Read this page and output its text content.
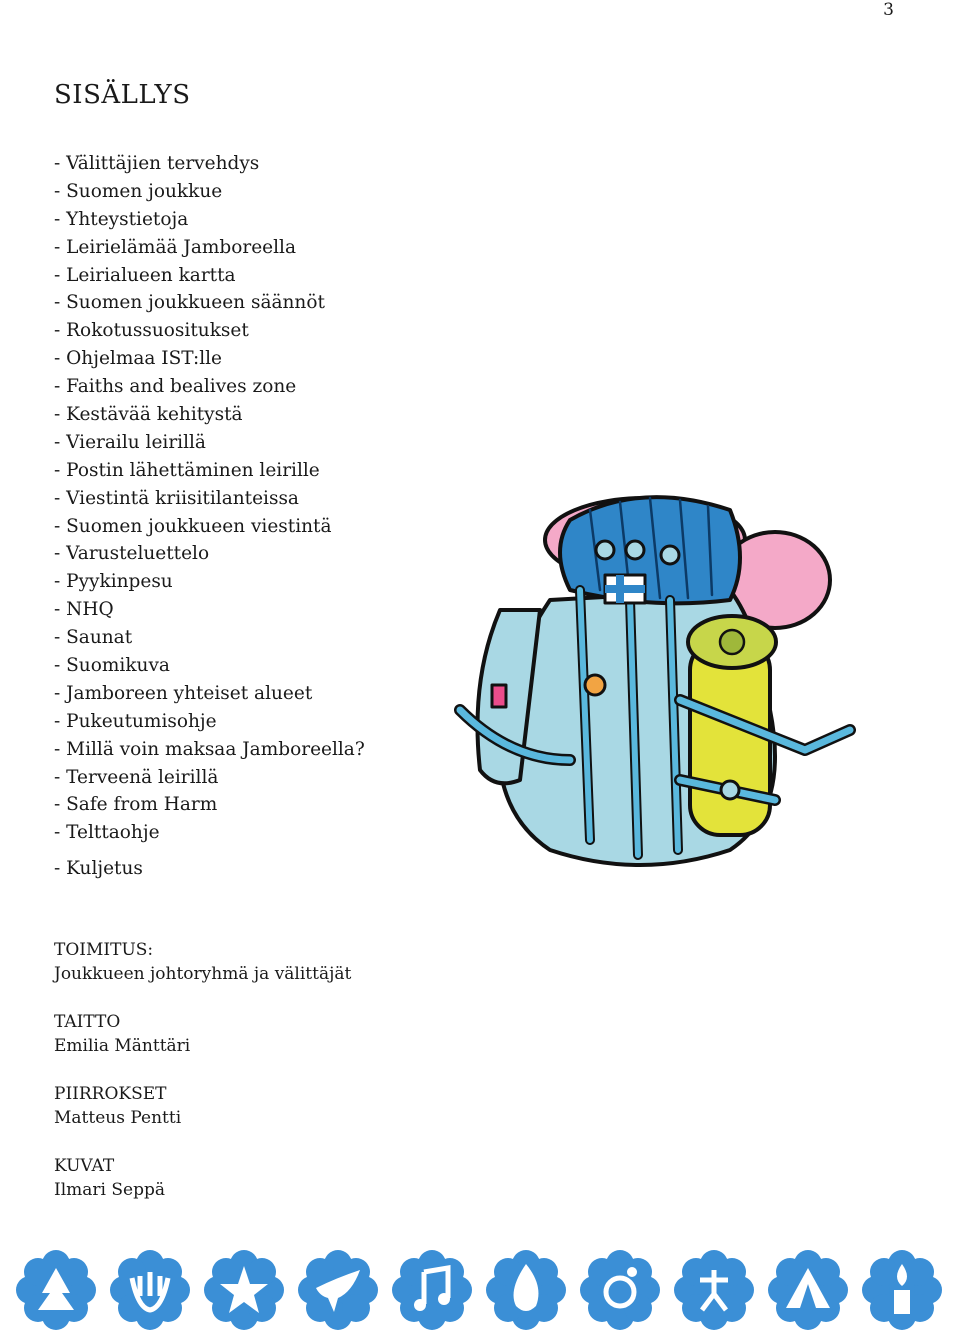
3
SISÄLLYS
- Välittäjien tervehdys
- Suomen joukkue
- Yhteystietoja
- Leirielämää Jamboreella
- Leirialueen kartta
- Suomen joukkueen säännöt
- Rokotussuositukset
- Ohjelmaa IST:lle
- Faiths and bealives zone
- Kestävää kehitystä
- Vierailu leirillä
- Postin lähettäminen leirille
- Viestintä kriisitilanteissa
- Suomen joukkueen viestintä
- Varusteluettelo
- Pyykinpesu
- NHQ
- Saunat
- Suomikuva
- Jamboreen yhteiset alueet
- Pukeutumisohje
- Millä voin maksaa Jamboreella?
- Terveenä leirillä
- Safe from Harm
- Telttaohje
- Kuljetus
TOIMITUS:
Joukkueen johtoryhmä ja välittäjät
TAITTO
Emilia Mänttäri
PIIRROKSET
Matteus Pentti
KUVAT
Ilmari Seppä
